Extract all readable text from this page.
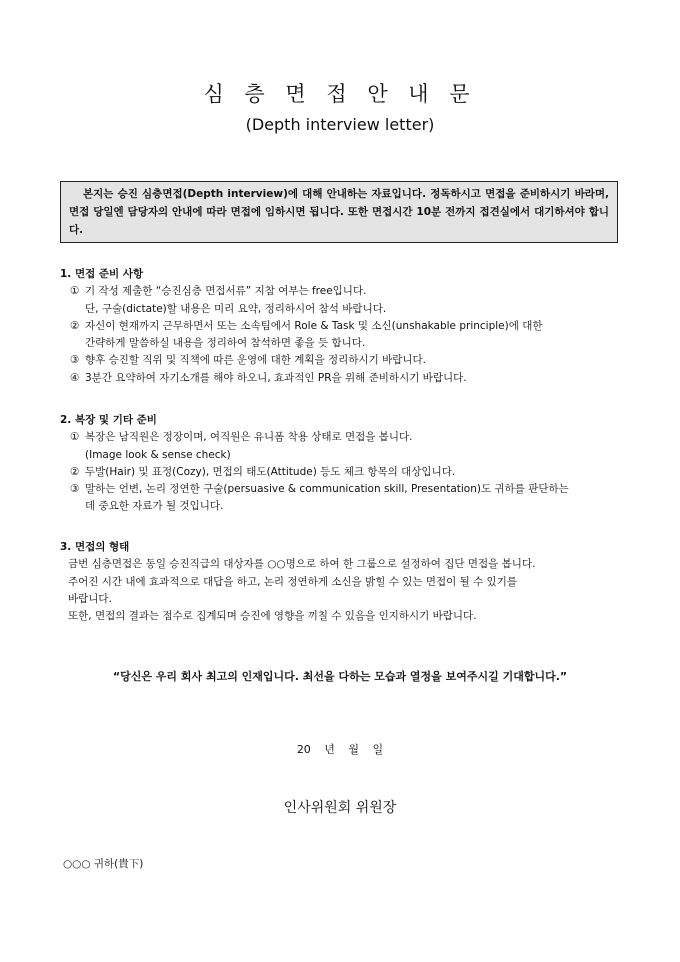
심 층 면 접 안 내 문
(Depth interview letter)
본지는 승진 심층면접(Depth interview)에 대해 안내하는 자료입니다. 정독하시고 면접을 준비하시기 바라며, 면접 당일엔 담당자의 안내에 따라 면접에 임하시면 됩니다. 또한 면접시간 10분 전까지 접견실에서 대기하셔야 합니다.
1. 면접 준비 사항
① 기 작성 제출한 “승진심층 면접서류” 지참 여부는 free입니다.
단, 구술(dictate)할 내용은 미리 요약, 정리하시어 참석 바랍니다.
② 자신이 현재까지 근무하면서 또는 소속팀에서 Role & Task 및 소신(unshakable principle)에 대한
간략하게 말씀하실 내용을 정리하여 참석하면 좋을 듯 합니다.
③ 향후 승진할 직위 및 직책에 따른 운영에 대한 계획을 정리하시기 바랍니다.
④ 3분간 요약하여 자기소개를 해야 하오니, 효과적인 PR을 위해 준비하시기 바랍니다.
2. 복장 및 기타 준비
① 복장은 남직원은 정장이며, 여직원은 유니폼 착용 상태로 면접을 봅니다.
(Image look & sense check)
② 두발(Hair) 및 표정(Cozy), 면접의 태도(Attitude) 등도 체크 항목의 대상입니다.
③ 말하는 언변, 논리 정연한 구술(persuasive & communication skill, Presentation)도 귀하를 판단하는
데 중요한 자료가 될 것입니다.
3. 면접의 형태
금번 심층면접은 동일 승진직급의 대상자를 ○○명으로 하여 한 그룹으로 설정하여 집단 면접을 봅니다.
주어진 시간 내에 효과적으로 대답을 하고, 논리 정연하게 소신을 밝힐 수 있는 면접이 될 수 있기를
바랍니다.
또한, 면접의 결과는 점수로 집계되며 승진에 영향을 끼칠 수 있음을 인지하시기 바랍니다.
“당신은 우리 회사 최고의 인재입니다. 최선을 다하는 모습과 열정을 보여주시길 기대합니다.”
20 년 월 일
인사위원회 위원장
○○○ 귀하(貴下)
